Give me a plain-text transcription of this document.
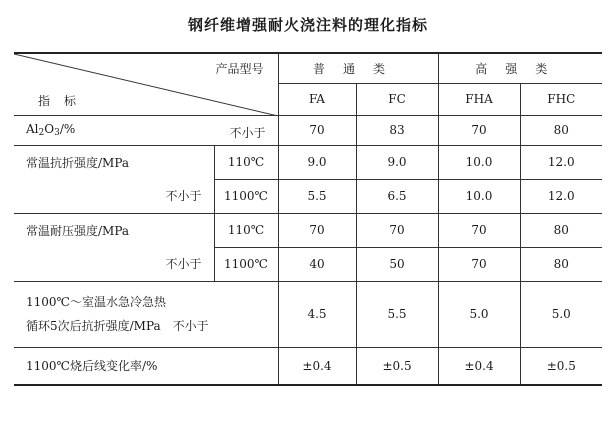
钢纤维增强耐火浇注料的理化指标
产品型号
指标		普通类		高强类	
		FA	FC	FHA	FHC
$Al_2O_3/\%$ 不小于		70	83	70	80
常温抗折强度/MPa	110℃	9.0	9.0	10.0	12.0
不小于	1100℃	5.5	6.5	10.0	12.0
常温耐压强度/MPa	110℃	70	70	70	80
不小于	1100℃	40	50	70	80

1100℃～室温水急冷急热
循环5次后抗折强度/MPa　不小于		4.5	5.5	5.0	5.0
1100℃烧后线变化率/%		±0.4	±0.5	±0.4	±0.5
